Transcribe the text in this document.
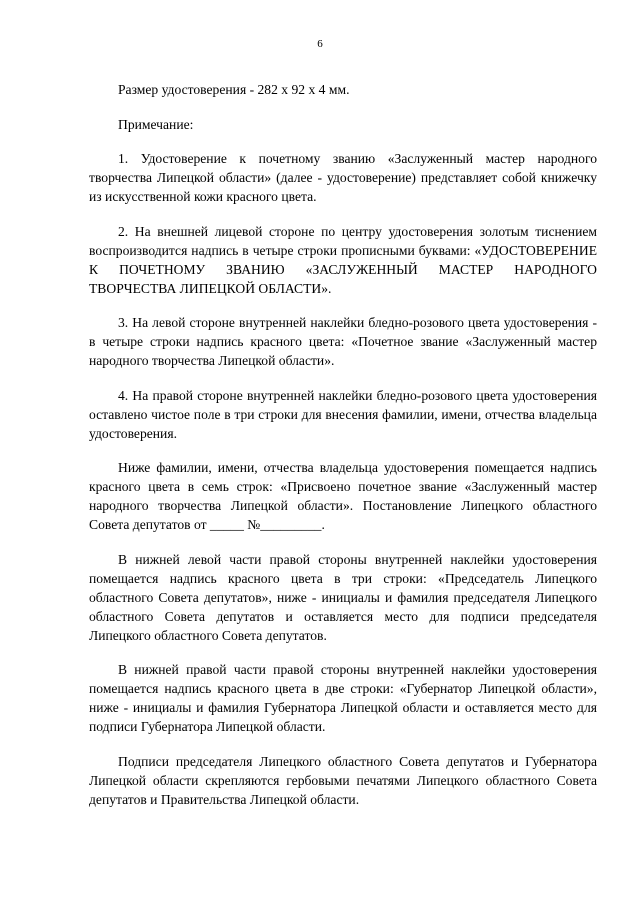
6

Размер удостоверения - 282 х 92 х 4 мм.

Примечание:

1. Удостоверение к почетному званию «Заслуженный мастер народного творчества Липецкой области» (далее - удостоверение) представляет собой книжечку из искусственной кожи красного цвета.

2. На внешней лицевой стороне по центру удостоверения золотым тиснением воспроизводится надпись в четыре строки прописными буквами: «УДОСТОВЕРЕНИЕ К ПОЧЕТНОМУ ЗВАНИЮ «ЗАСЛУЖЕННЫЙ МАСТЕР НАРОДНОГО ТВОРЧЕСТВА ЛИПЕЦКОЙ ОБЛАСТИ».

3. На левой стороне внутренней наклейки бледно-розового цвета удостоверения - в четыре строки надпись красного цвета: «Почетное звание «Заслуженный мастер народного творчества Липецкой области».

4. На правой стороне внутренней наклейки бледно-розового цвета удостоверения оставлено чистое поле в три строки для внесения фамилии, имени, отчества владельца удостоверения.

Ниже фамилии, имени, отчества владельца удостоверения помещается надпись красного цвета в семь строк: «Присвоено почетное звание «Заслуженный мастер народного творчества Липецкой области». Постановление Липецкого областного Совета депутатов от _____ №_________.

В нижней левой части правой стороны внутренней наклейки удостоверения помещается надпись красного цвета в три строки: «Председатель Липецкого областного Совета депутатов», ниже - инициалы и фамилия председателя Липецкого областного Совета депутатов и оставляется место для подписи председателя Липецкого областного Совета депутатов.

В нижней правой части правой стороны внутренней наклейки удостоверения помещается надпись красного цвета в две строки: «Губернатор Липецкой области», ниже - инициалы и фамилия Губернатора Липецкой области и оставляется место для подписи Губернатора Липецкой области.

Подписи председателя Липецкого областного Совета депутатов и Губернатора Липецкой области скрепляются гербовыми печатями Липецкого областного Совета депутатов и Правительства Липецкой области.
